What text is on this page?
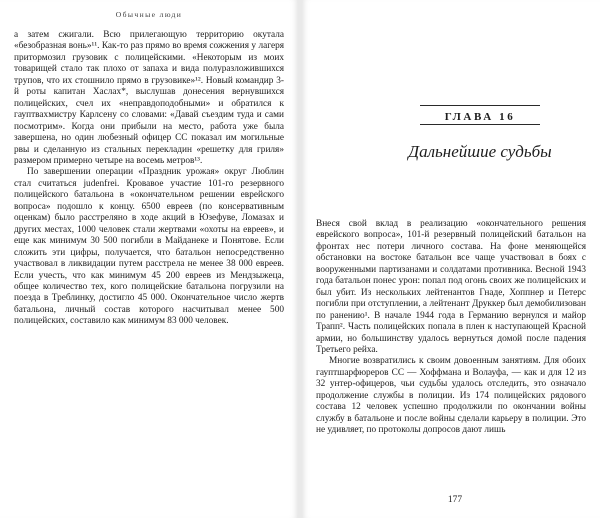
Обычные люди

а затем сжигали. Всю прилегающую территорию окутала «безобразная вонь»¹¹. Как-то раз прямо во время сожжения у лагеря притормозил грузовик с полицейскими. «Некоторым из моих товарищей стало так плохо от запаха и вида полуразложившихся трупов, что их стошнило прямо в грузовике»¹². Новый командир 3-й роты капитан Хаслах*, выслушав донесения вернувшихся полицейских, счел их «неправдоподобными» и обратился к гауптвахмистру Карлсену со словами: «Давай съездим туда и сами посмотрим». Когда они прибыли на место, работа уже была завершена, но один любезный офицер СС показал им могильные рвы и сделанную из стальных перекладин «решетку для гриля» размером примерно четыре на восемь метров¹³.

По завершении операции «Праздник урожая» округ Люблин стал считаться judenfrei. Кровавое участие 101-го резервного полицейского батальона в «окончательном решении еврейского вопроса» подошло к концу. 6500 евреев (по консервативным оценкам) было расстреляно в ходе акций в Юзефуве, Ломазах и других местах, 1000 человек стали жертвами «охоты на евреев», и еще как минимум 30 500 погибли в Майданеке и Понятове. Если сложить эти цифры, получается, что батальон непосредственно участвовал в ликвидации путем расстрела не менее 38 000 евреев. Если учесть, что как минимум 45 200 евреев из Мендзыжеца, общее количество тех, кого полицейские батальона погрузили на поезда в Треблинку, достигло 45 000. Окончательное число жертв батальона, личный состав которого насчитывал менее 500 полицейских, составило как минимум 83 000 человек.

ГЛАВА 16
Дальнейшие судьбы

Внеся свой вклад в реализацию «окончательного решения еврейского вопроса», 101-й резервный полицейский батальон на фронтах нес потери личного состава. На фоне меняющейся обстановки на востоке батальон все чаще участвовал в боях с вооруженными партизанами и солдатами противника. Весной 1943 года батальон понес урон: попал под огонь своих же полицейских и был убит. Из нескольких лейтенантов Гнаде, Хоппнер и Петерс погибли при отступлении, а лейтенант Друккер был демобилизован по ранению¹. В начале 1944 года в Германию вернулся и майор Трапп². Часть полицейских попала в плен к наступающей Красной армии, но большинству удалось вернуться домой после падения Третьего рейха.

Многие возвратились к своим довоенным занятиям. Для обоих гауптшарфюреров СС — Хоффмана и Волауфа, — как и для 12 из 32 унтер-офицеров, чьи судьбы удалось отследить, это означало продолжение службы в полиции. Из 174 полицейских рядового состава 12 человек успешно продолжили по окончании войны службу в батальоне и после войны сделали карьеру в полиции. Это не удивляет, по протоколы допросов дают лишь

177
